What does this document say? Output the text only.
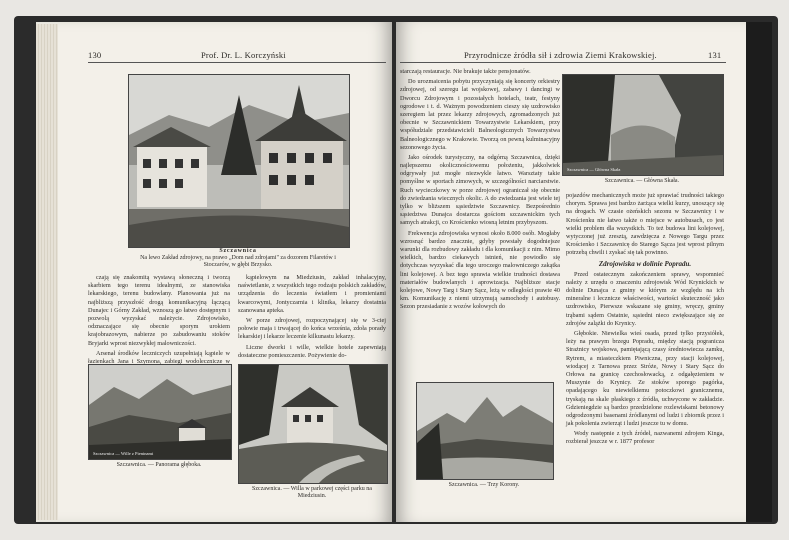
130	Prof. Dr. L. Korczyński
Szczawnica
Na lewo Zakład zdrojowy, na prawo „Dom nad zdrojami" za dozorem Filaretów i Stoczarów, w głębi Brzysko.

czają się znakomitą wystawą słoneczną i tworzą skarbiem tego terenu idealnymi, ze stanowiska lekarskiego, terenu budowlany. Planowania już na najbliższą przyszłość drogą komunikacyjną łączącą Dunajec i Górny Zakład, wznoszą go łatwo dostępnym i pozwolą wyzyskać należycie. Zdrojowisko, odznaczające się obecnie sporym urokiem krajobrazowym, nabierze po zabudowaniu stoków Bryjarki wprost niezwykłej malowniczości.

Arsenał środków leczniczych uzupełniają kąpiele w łazienkach Jana i Szymona, zabiegi wodolecznicze w

kąpielowym na Miedziusin, zakład inhalacyjny, naświetlanie, z wszystkich tego rodzaju polskich zakładów, urządzenia do leczenia światłem i promieniami kwarcowymi, Jontyczarnia i klinika, lekarzy dostatnia szanowana apteka.

W porze zdrojowej, rozpoczynającej się w 3-ciej połowie maja i trwającej do końca września, zdoła porady lekarskiej i lekarze leczenie kilkunastu lekarzy.

Liczne dworki i wille, wielkie hotele zapewniają dostateczne pomieszczenie. Pożywienie do-

Szczawnica — Wille z Pieninami
Szczawnica. — Panorama głęboka.
Szczawnica. — Willa w parkowej części parku na Miedziusin.
Przyrodnicze źródła sił i zdrowia Ziemi Krakowskiej.	131

starczają restauracje. Nie brakuje także pensjonatów.

Do urozmaicenia pobytu przyczyniają się koncerty orkiestry zdrojowej, od szeregu lat wojskowej, zabawy i dancingi w Dworcu Zdrojowym i pozostałych hotelach, teatr, festyny ogrodowe i t. d. Ważnym powodzeniem cieszy się uzdrowisko szeregiem lat przez lekarzy zdrojowych, zgromadzonych już obecnie w Szczawnickiem Towarzystwie Lekarskiem, przy współudziale przedstawicieli Balneologicznych Towarzystwa Balneologicznego w Krakowie. Tworzą on pewną kulminacyjny sezonowego życia.

Jako ośrodek turystyczny, na odgórną Szczawnica, dzięki najlepszemu okolicznościowemu położeniu, jakkolwiek odgrywały już mogłe niezwykle łatwo. Warsztaty takie pomyślne w sportach zimowych, w szczególności narciarstwie. Ruch wycieczkowy w porze zdrojowej ograniczał się obecnie do zwiedzania wiecznych okolic. A do zwiedzania jest wiele tej tylko w bliższem sąsiedztwie Szczawnicy. Bezpośrednio sąsiedztwa Dunajca dostarcza gościom szczawnickim tych samych atrakcji, co Krościenko wiosną letnim przybyszom.

Frekwencja zdrojowiska wynosi około 8.000 osób. Mogłaby wzrosnąć bardzo znacznie, gdyby powstały dogodniejsze warunki dla rozbudowy zakładu i dla komunikacji z nim. Mimo wielkich, bardzo ciekawych istnień, nie powiodło się dotychczas wyzyskać dla tego uroczego malowniczego zakątka lini kolejowej. A bez tego sprawia wielkie trudności dostawa materiałów budowlanych i aprowizacja. Najbliższe stacje kolejowe, Nowy Targ i Stary Sącz, leżą w odległości prawie 40 km. Komunikację z niemi utrzymują samochody i autobusy. Sezon przesiadanie z wozów kołowych do

Szczawnica — Główna Skała
Szczawnica. — Główna Skała.

pojazdów mechanicznych może już sprawiać trudności takiego chorym. Sprawa jest bardzo żarżąca wielki kurzy, unoszący się na drogach. W czasie ożeńskich sezonu w Szczawnicy i w Krościenku nie łatwo także o miejsce w autobusach, co jest wielki problem dla wszystkich. To też budowa lini kolejowej, wytyczonej już zresztą, zawdzięcza z Nowego Targu przez Krościenko i Szczawnicę do Starego Sącza jest wprost pilnym potrzebą chwili i zyskać się tak powinno.

Zdrojowiska w dolinie Popradu.

Przed ostatecznym zakończeniem sprawy, wspomnieć należy z urzędu o znaczeniu zdrojowisk Wód Krynickich w dolinie Dunajca z gminy w którym ze względu na ich mineralne i lecznicze właściwości, wartości skuteczność jako uzdrowisko, Pierwsze wskazane się gminy, wręczy, gminy trąbami sądem Ostatnie, sąsiedni nieco zwiększające się ze zdrojów zalążki do Krynicy.

Głębokie. Niewielka wieś osada, przed tylko przysiółek, leży na prawym brzegu Popradu, między stacją pogranicza Strażnicy wojskowa, pamiętającą czasy średniowiecza zamku, Rytrem, a miasteczkiem Piwniczna, przy stacji kolejowej, wiodącej z Tarnowa przez Stróże, Nowy i Stary Sącz do Orłowa na granicę czechosłowacką, z odgałęzieniem w Muszynie do Krynicy. Ze stoków sporego pagórka, opadającego ku niewielkiemu potoczkowi granicznemu, tryskają na skale płaskiego z źródła, uchwycone w zakładzie. Gdzieniegdzie są bardzo przedzielone rozlewiskami betonowy odgrodzonymi basenami źródlanymi od ludzi i zbiornik przez i jak pokolenia zwierząt i ludzi jeszcze tu w domu.

Wody następnie z tych źródeł, nazwanemi zdrojem Kinga, rozbierał jeszcze w r. 1877 profesor

Szczawnica. — Trzy Korony.
